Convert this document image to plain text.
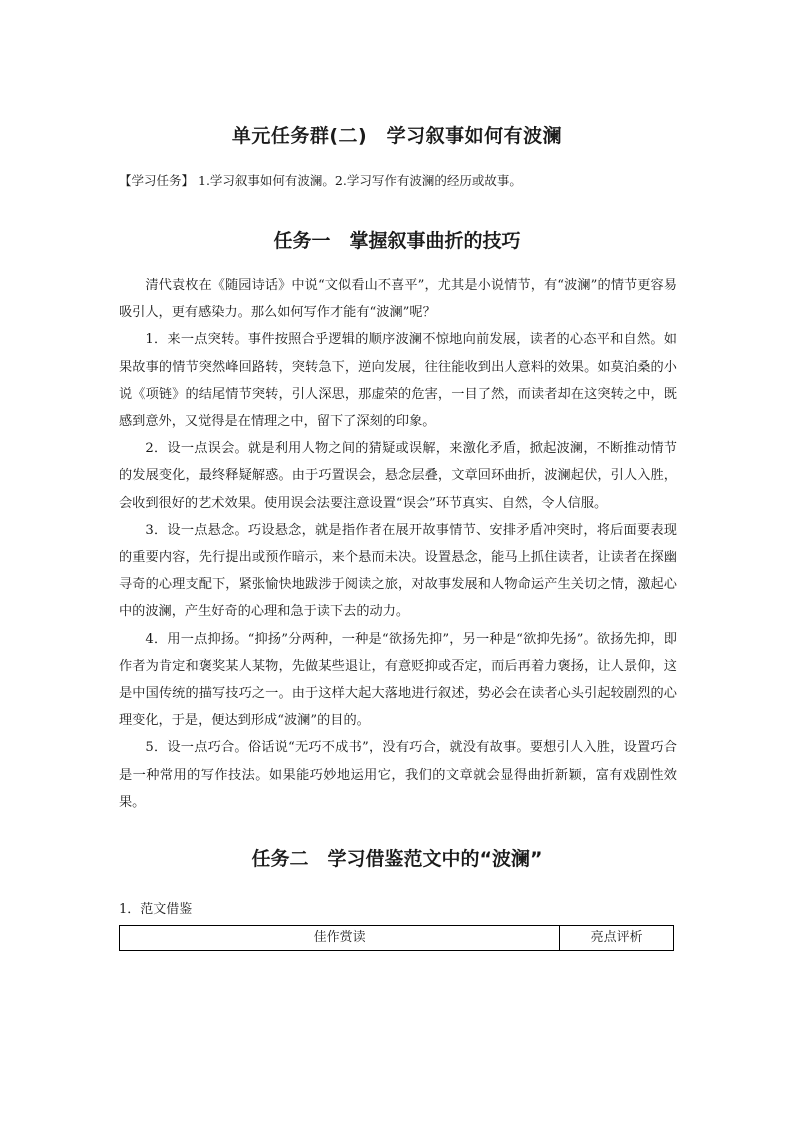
单元任务群(二)　学习叙事如何有波澜
【学习任务】 1.学习叙事如何有波澜。2.学习写作有波澜的经历或故事。
任务一　掌握叙事曲折的技巧

清代袁枚在《随园诗话》中说“文似看山不喜平”，尤其是小说情节，有“波澜”的情节更容易吸引人，更有感染力。那么如何写作才能有“波澜”呢？

1．来一点突转。事件按照合乎逻辑的顺序波澜不惊地向前发展，读者的心态平和自然。如果故事的情节突然峰回路转，突转急下，逆向发展，往往能收到出人意料的效果。如莫泊桑的小说《项链》的结尾情节突转，引人深思，那虚荣的危害，一目了然，而读者却在这突转之中，既感到意外，又觉得是在情理之中，留下了深刻的印象。

2．设一点误会。就是利用人物之间的猜疑或误解，来激化矛盾，掀起波澜，不断推动情节的发展变化，最终释疑解惑。由于巧置误会，悬念层叠，文章回环曲折，波澜起伏，引人入胜，会收到很好的艺术效果。使用误会法要注意设置“误会”环节真实、自然，令人信服。

3．设一点悬念。巧设悬念，就是指作者在展开故事情节、安排矛盾冲突时，将后面要表现的重要内容，先行提出或预作暗示，来个悬而未决。设置悬念，能马上抓住读者，让读者在探幽寻奇的心理支配下，紧张愉快地跋涉于阅读之旅，对故事发展和人物命运产生关切之情，激起心中的波澜，产生好奇的心理和急于读下去的动力。

4．用一点抑扬。“抑扬”分两种，一种是“欲扬先抑”，另一种是“欲抑先扬”。欲扬先抑，即作者为肯定和褒奖某人某物，先做某些退让，有意贬抑或否定，而后再着力褒扬，让人景仰，这是中国传统的描写技巧之一。由于这样大起大落地进行叙述，势必会在读者心头引起较剧烈的心理变化，于是，便达到形成“波澜”的目的。

5．设一点巧合。俗话说“无巧不成书”，没有巧合，就没有故事。要想引人入胜，设置巧合是一种常用的写作技法。如果能巧妙地运用它，我们的文章就会显得曲折新颖，富有戏剧性效果。

任务二　学习借鉴范文中的“波澜”
1．范文借鉴
佳作赏读	亮点评析
